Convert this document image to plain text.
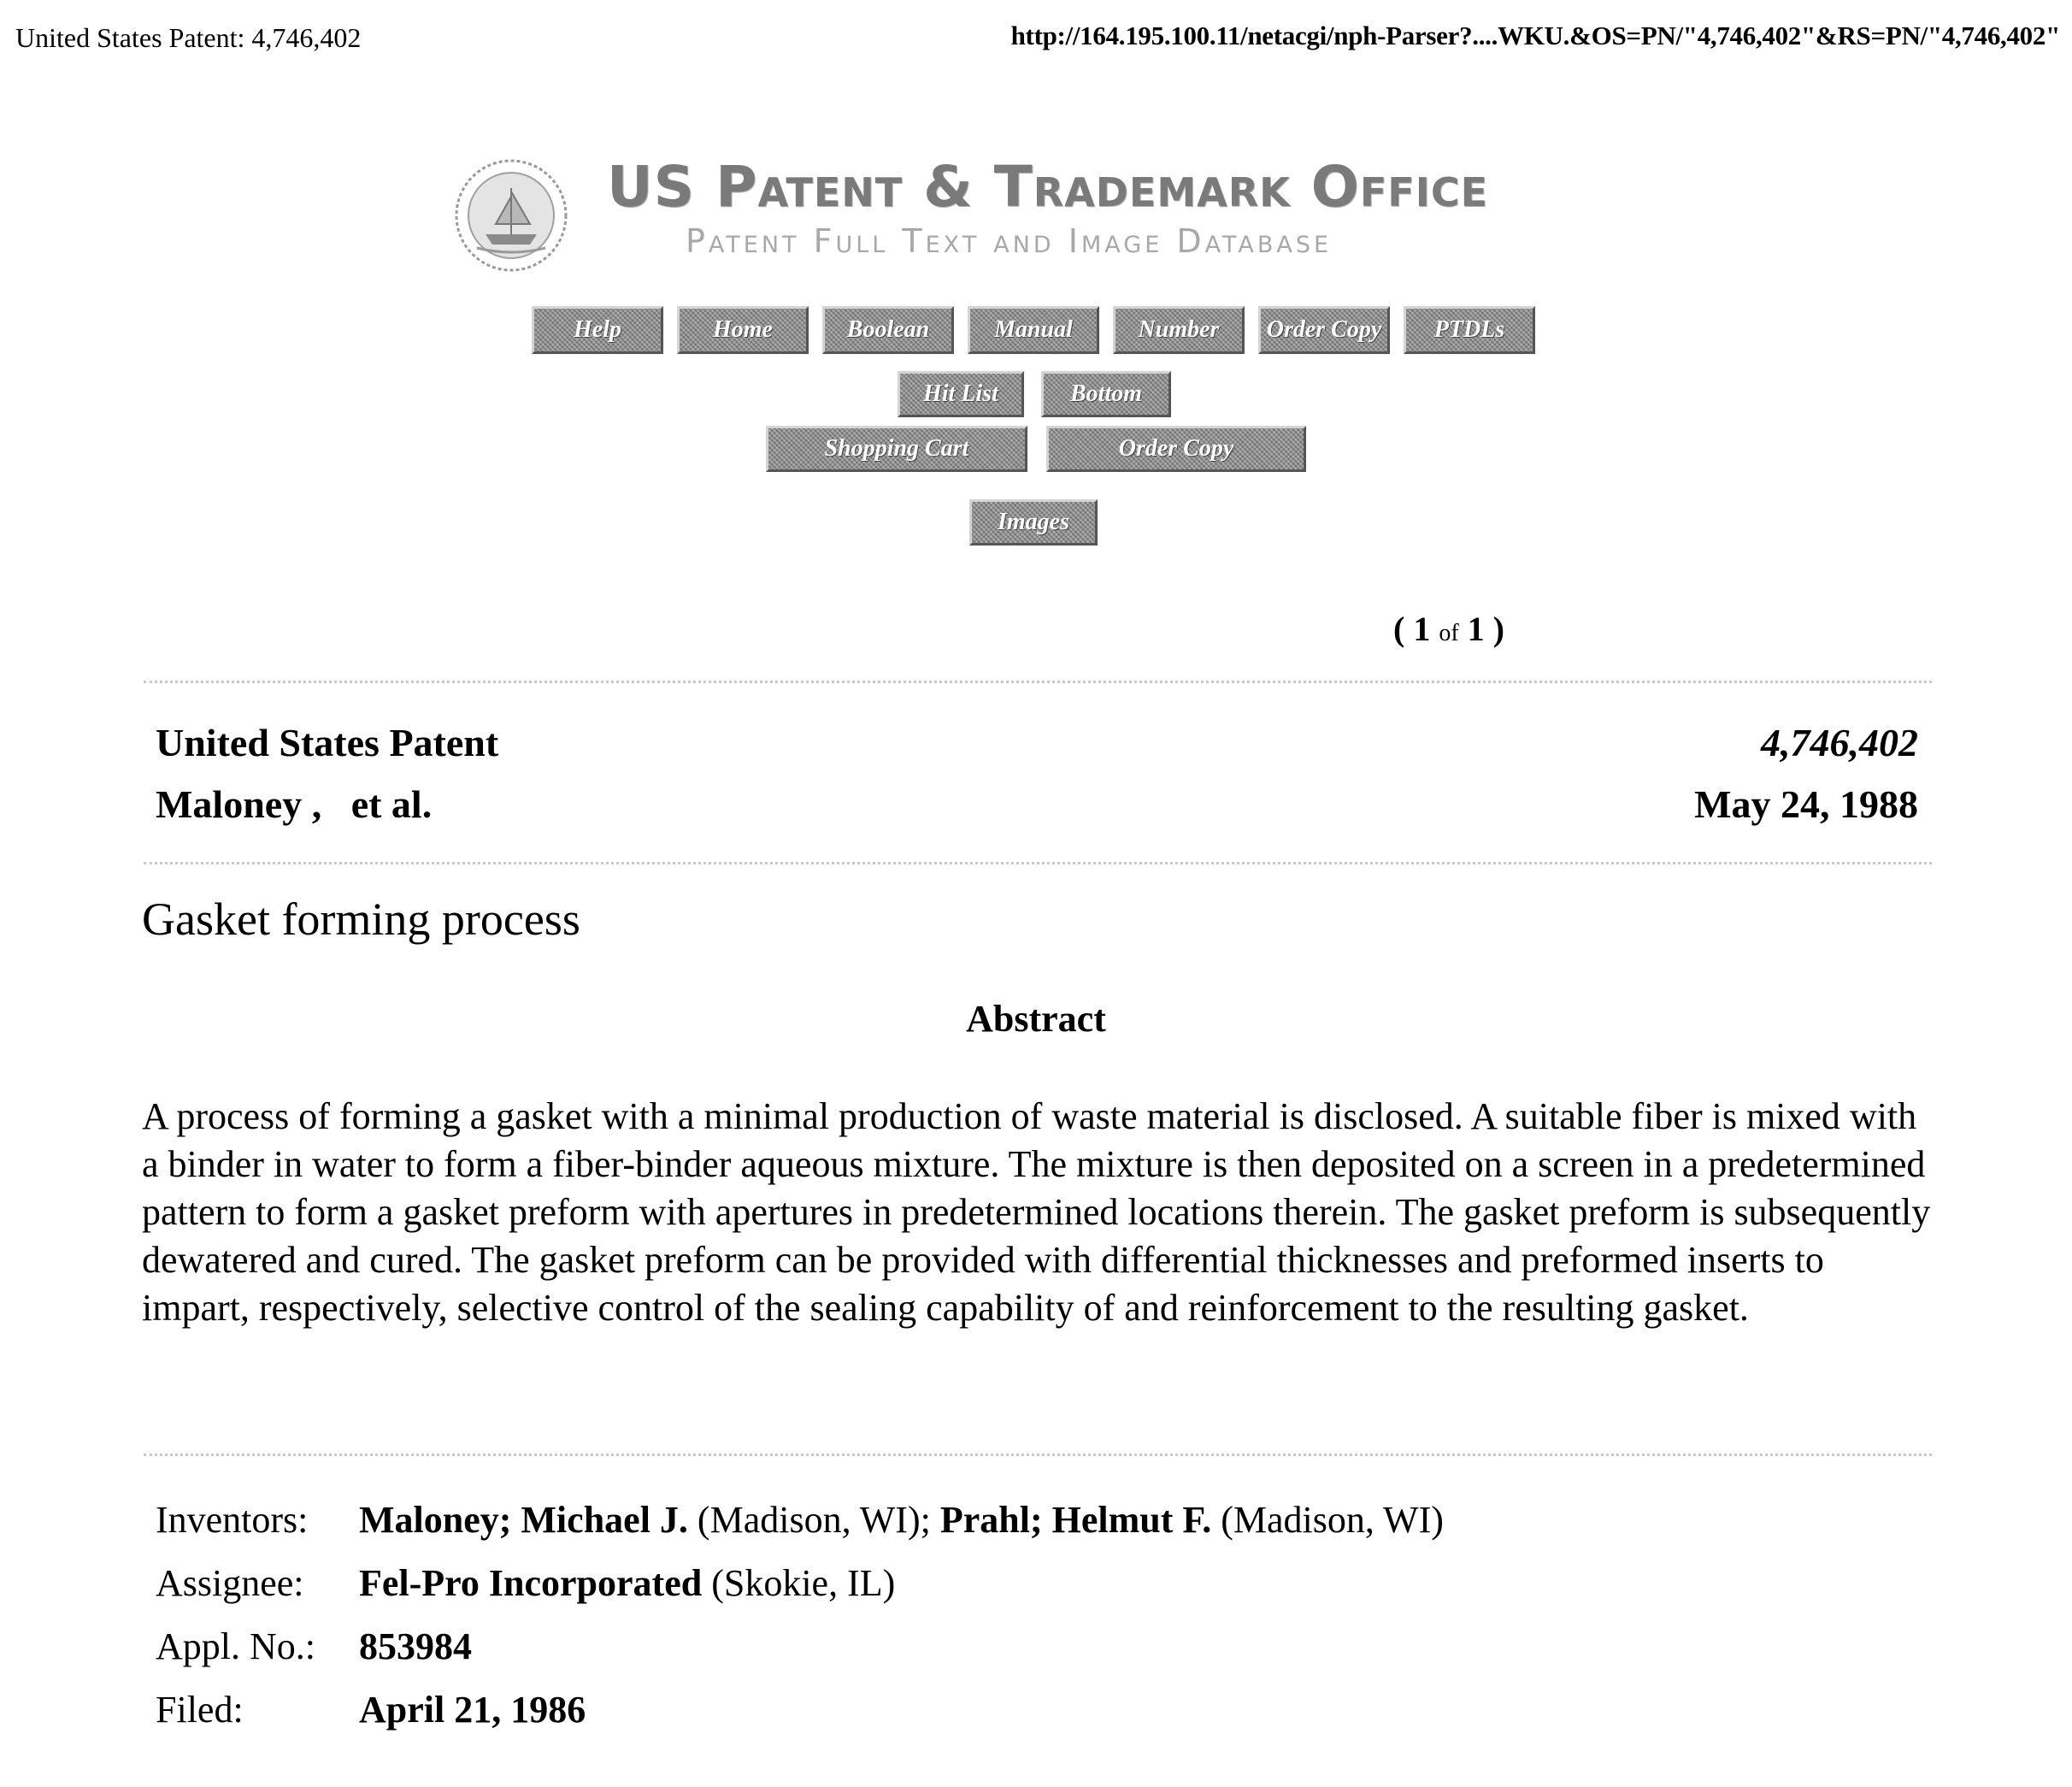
United States Patent: 4,746,402	http://164.195.100.11/netacgi/nph-Parser?....WKU.&OS=PN/"4,746,402"&RS=PN/"4,746,402"
US Patent & Trademark Office
Patent Full Text and Image Database
Help	Home	Boolean	Manual	Number	Order Copy	PTDLs
Hit List	Bottom
Shopping Cart	Order Copy
Images
( 1 of 1 )
United States Patent	4,746,402
Maloney ,   et al.	May 24, 1988
Gasket forming process
Abstract
A process of forming a gasket with a minimal production of waste material is disclosed. A suitable fiber is mixed with a binder in water to form a fiber-binder aqueous mixture. The mixture is then deposited on a screen in a predetermined pattern to form a gasket preform with apertures in predetermined locations therein. The gasket preform is subsequently dewatered and cured. The gasket preform can be provided with differential thicknesses and preformed inserts to impart, respectively, selective control of the sealing capability of and reinforcement to the resulting gasket.
Inventors: Maloney; Michael J. (Madison, WI); Prahl; Helmut F. (Madison, WI)
Assignee: Fel-Pro Incorporated (Skokie, IL)
Appl. No.: 853984
Filed:	April 21, 1986
